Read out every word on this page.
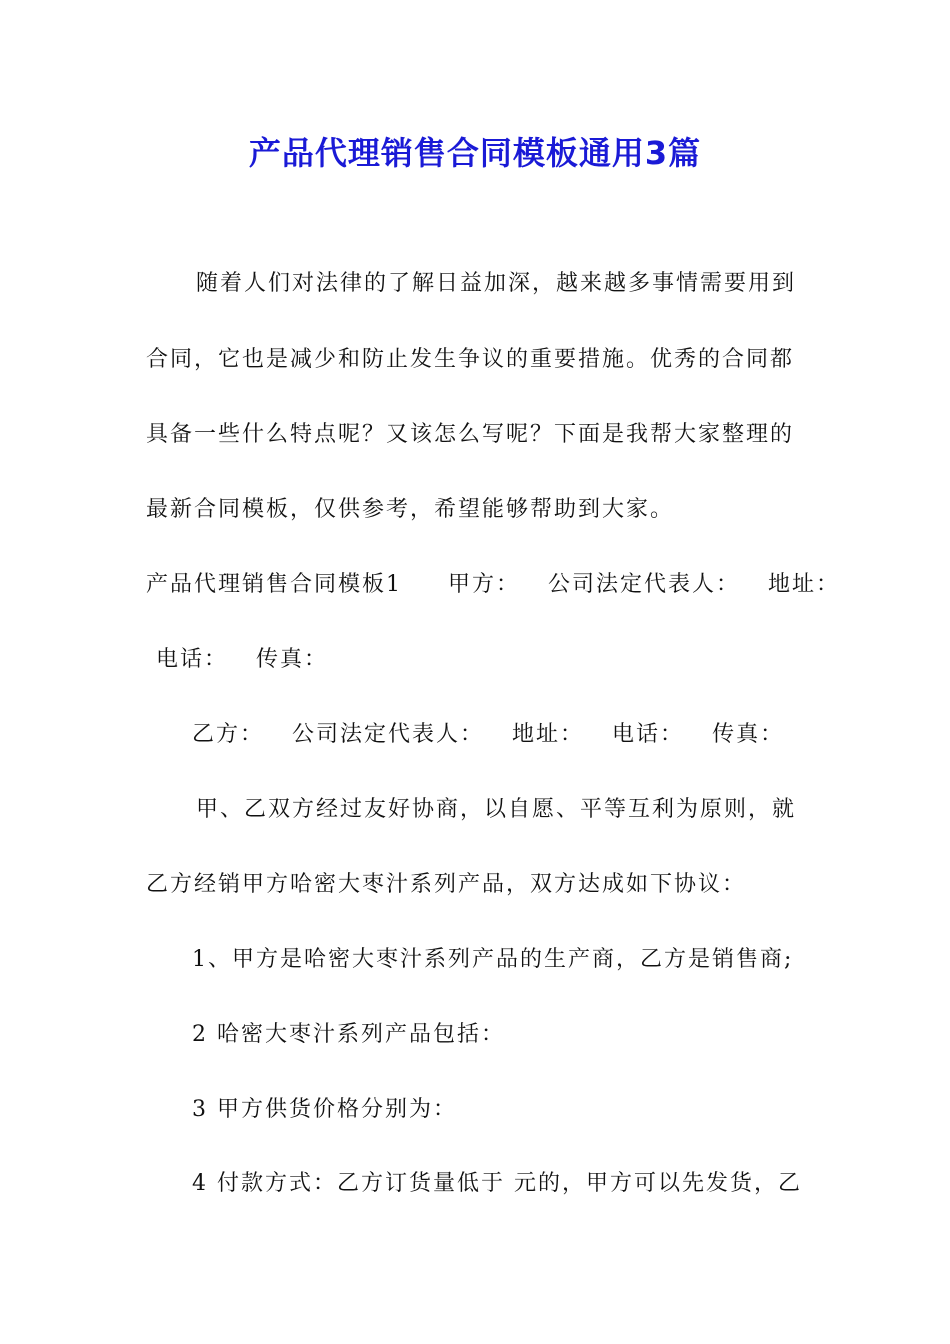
产品代理销售合同模板通用3篇
随着人们对法律的了解日益加深，越来越多事情需要用到
合同，它也是减少和防止发生争议的重要措施。优秀的合同都
具备一些什么特点呢？又该怎么写呢？下面是我帮大家整理的
最新合同模板，仅供参考，希望能够帮助到大家。
产品代理销售合同模板1 甲方： 公司法定代表人： 地址：
电话： 传真：
乙方： 公司法定代表人： 地址： 电话： 传真：
甲、乙双方经过友好协商，以自愿、平等互利为原则，就
乙方经销甲方哈密大枣汁系列产品，双方达成如下协议：
1、甲方是哈密大枣汁系列产品的生产商，乙方是销售商;
2 哈密大枣汁系列产品包括：
3 甲方供货价格分别为：
4 付款方式：乙方订货量低于 元的，甲方可以先发货，乙
